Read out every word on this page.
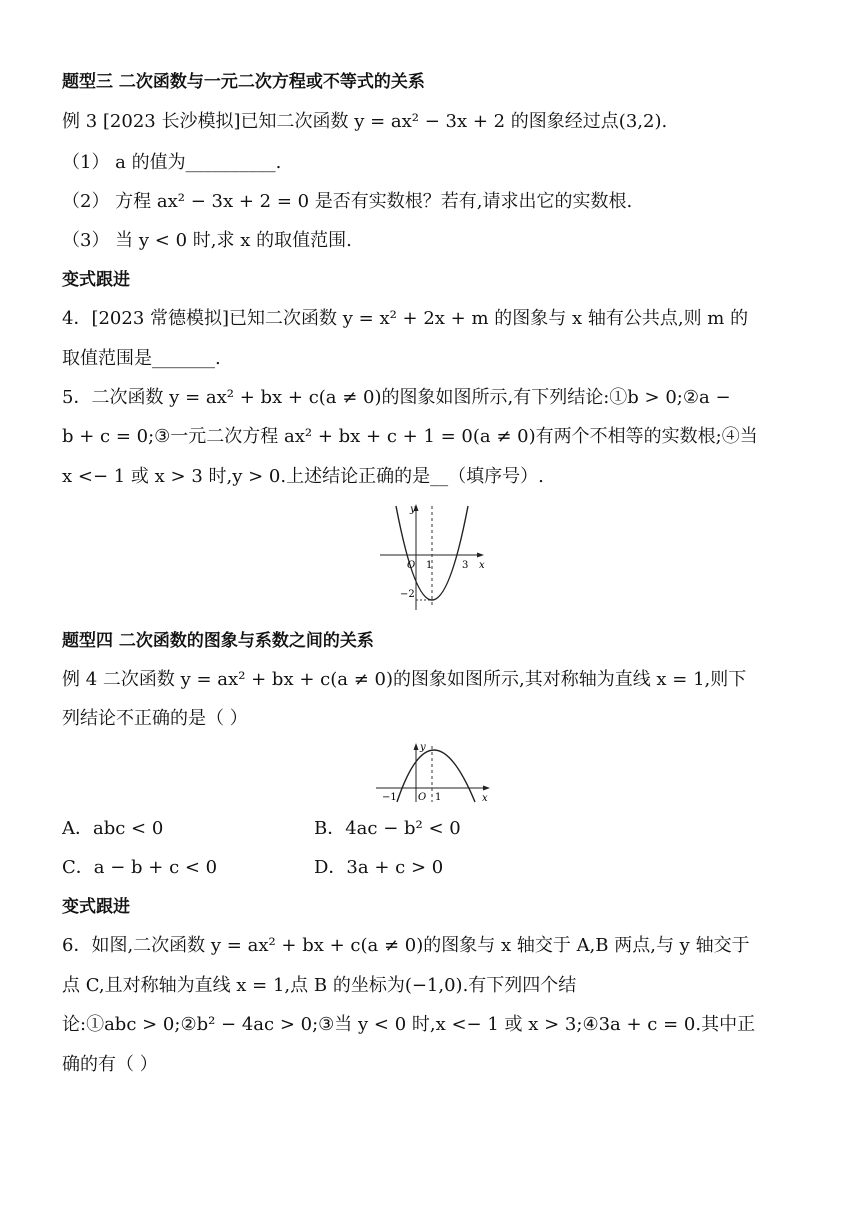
题型三 二次函数与一元二次方程或不等式的关系
例 3 [2023 长沙模拟]已知二次函数 y = ax² − 3x + 2 的图象经过点(3,2).
（1） a 的值为__________.
（2） 方程 ax² − 3x + 2 = 0 是否有实数根？若有,请求出它的实数根.
（3） 当 y < 0 时,求 x 的取值范围.
变式跟进
4．[2023 常德模拟]已知二次函数 y = x² + 2x + m 的图象与 x 轴有公共点,则 m 的
取值范围是_______.
5．二次函数 y = ax² + bx + c(a ≠ 0)的图象如图所示,有下列结论:①b > 0;②a −
b + c = 0;③一元二次方程 ax² + bx + c + 1 = 0(a ≠ 0)有两个不相等的实数根;④当
x <− 1 或 x > 3 时,y > 0.上述结论正确的是__（填序号）.
y
x
O 1	3
−2
题型四 二次函数的图象与系数之间的关系
例 4 二次函数 y = ax² + bx + c(a ≠ 0)的图象如图所示,其对称轴为直线 x = 1,则下
列结论不正确的是（ ）
y
x
O
−1	1
A．abc < 0	B．4ac − b² < 0
C．a − b + c < 0	D．3a + c > 0
变式跟进
6．如图,二次函数 y = ax² + bx + c(a ≠ 0)的图象与 x 轴交于 A,B 两点,与 y 轴交于
点 C,且对称轴为直线 x = 1,点 B 的坐标为(−1,0).有下列四个结
论:①abc > 0;②b² − 4ac > 0;③当 y < 0 时,x <− 1 或 x > 3;④3a + c = 0.其中正
确的有（ ）
